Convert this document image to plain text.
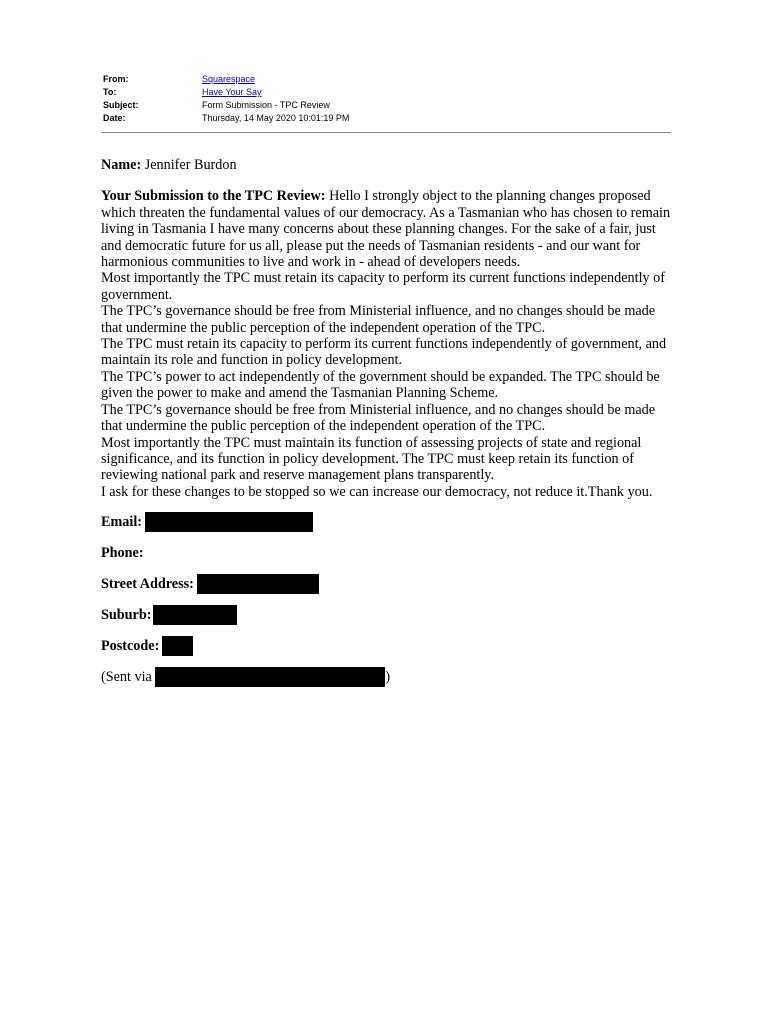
From:	Squarespace
To:	Have Your Say
Subject:	Form Submission - TPC Review
Date:	Thursday, 14 May 2020 10:01:19 PM

Name: Jennifer Burdon

Your Submission to the TPC Review: Hello I strongly object to the planning changes proposed which threaten the fundamental values of our democracy. As a Tasmanian who has chosen to remain living in Tasmania I have many concerns about these planning changes. For the sake of a fair, just and democratic future for us all, please put the needs of Tasmanian residents - and our want for harmonious communities to live and work in - ahead of developers needs.
Most importantly the TPC must retain its capacity to perform its current functions independently of government.
The TPC’s governance should be free from Ministerial influence, and no changes should be made that undermine the public perception of the independent operation of the TPC.
The TPC must retain its capacity to perform its current functions independently of government, and maintain its role and function in policy development.
The TPC’s power to act independently of the government should be expanded. The TPC should be given the power to make and amend the Tasmanian Planning Scheme.
The TPC’s governance should be free from Ministerial influence, and no changes should be made that undermine the public perception of the independent operation of the TPC.
Most importantly the TPC must maintain its function of assessing projects of state and regional significance, and its function in policy development. The TPC must keep retain its function of reviewing national park and reserve management plans transparently.
I ask for these changes to be stopped so we can increase our democracy, not reduce it.Thank you.
Email:
Phone:
Street Address:
Suburb:
Postcode:
(Sent via	)
